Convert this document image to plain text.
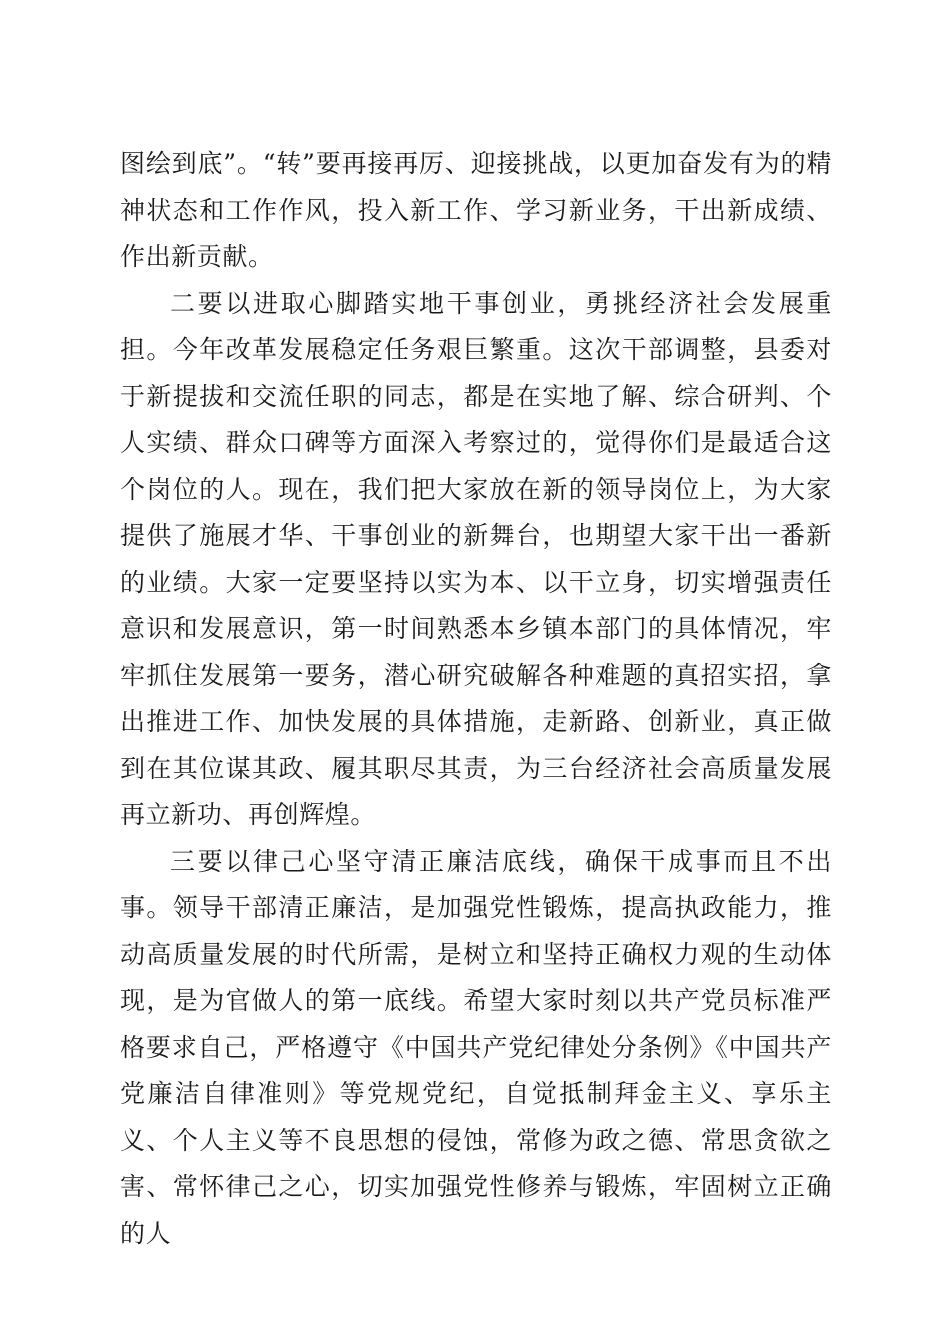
图绘到底”。“转”要再接再厉、迎接挑战，以更加奋发有为的精神状态和工作作风，投入新工作、学习新业务，干出新成绩、作出新贡献。

二要以进取心脚踏实地干事创业，勇挑经济社会发展重担。今年改革发展稳定任务艰巨繁重。这次干部调整，县委对于新提拔和交流任职的同志，都是在实地了解、综合研判、个人实绩、群众口碑等方面深入考察过的，觉得你们是最适合这个岗位的人。现在，我们把大家放在新的领导岗位上，为大家提供了施展才华、干事创业的新舞台，也期望大家干出一番新的业绩。大家一定要坚持以实为本、以干立身，切实增强责任意识和发展意识，第一时间熟悉本乡镇本部门的具体情况，牢牢抓住发展第一要务，潜心研究破解各种难题的真招实招，拿出推进工作、加快发展的具体措施，走新路、创新业，真正做到在其位谋其政、履其职尽其责，为三台经济社会高质量发展再立新功、再创辉煌。

三要以律己心坚守清正廉洁底线，确保干成事而且不出事。领导干部清正廉洁，是加强党性锻炼，提高执政能力，推动高质量发展的时代所需，是树立和坚持正确权力观的生动体现，是为官做人的第一底线。希望大家时刻以共产党员标准严格要求自己，严格遵守《中国共产党纪律处分条例》《中国共产党廉洁自律准则》等党规党纪，自觉抵制拜金主义、享乐主义、个人主义等不良思想的侵蚀，常修为政之德、常思贪欲之害、常怀律己之心，切实加强党性修养与锻炼，牢固树立正确的人
